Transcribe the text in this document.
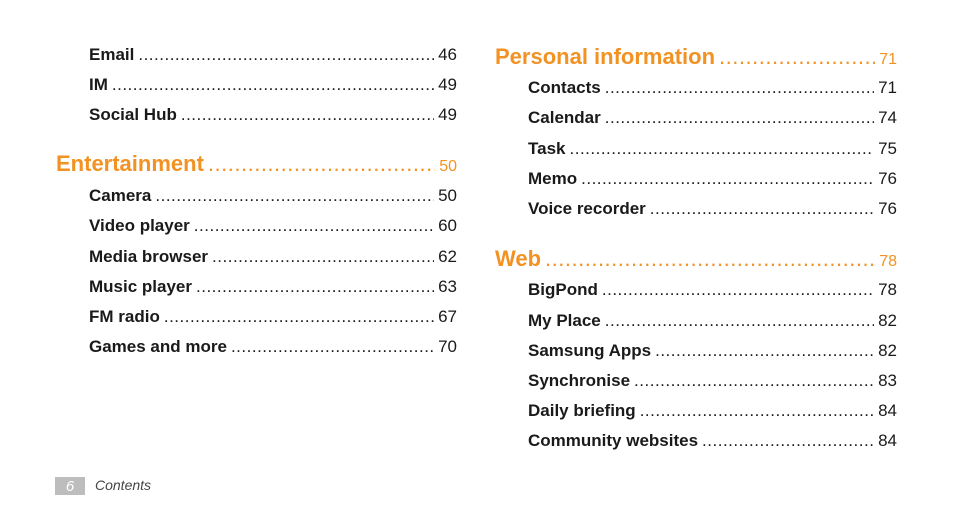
Email .....	46
IM .....	49
Social Hub .....	49
Entertainment .....	50
Camera .....	50
Video player .....	60
Media browser .....	62
Music player .....	63
FM radio .....	67
Games and more .....	70
Personal information .....	71
Contacts .....	71
Calendar .....	74
Task .....	75
Memo .....	76
Voice recorder .....	76
Web .....	78
BigPond .....	78
My Place .....	82
Samsung Apps .....	82
Synchronise .....	83
Daily briefing .....	84
Community websites .....	84
6	Contents
